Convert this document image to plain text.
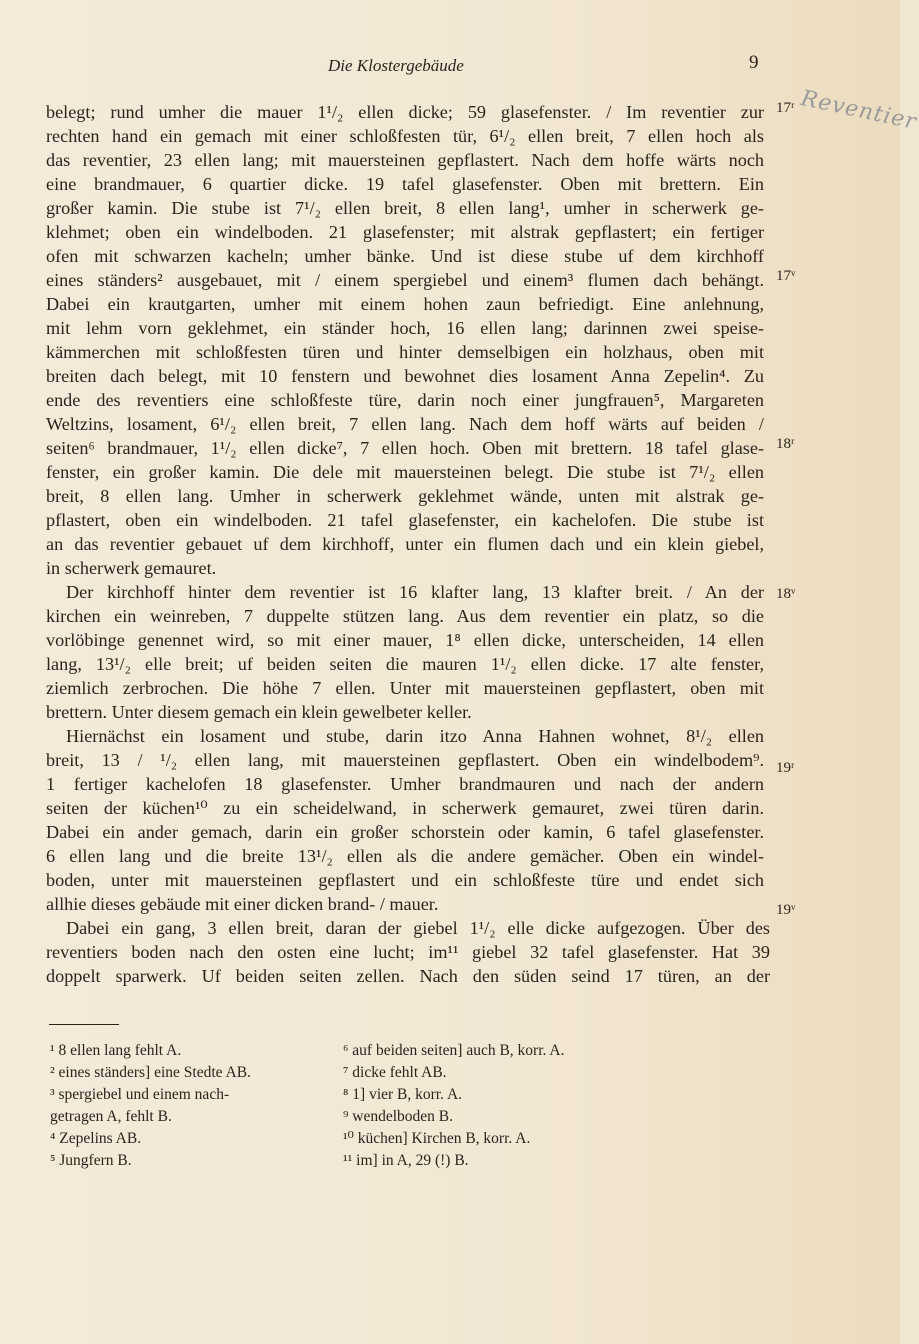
Die Klostergebäude	9
Reventier
belegt; rund umher die mauer 1¹/₂ ellen dicke; 59 glasefenster. / Im reventier zur
rechten hand ein gemach mit einer schloßfesten tür, 6¹/₂ ellen breit, 7 ellen hoch als
das reventier, 23 ellen lang; mit mauersteinen gepflastert. Nach dem hoffe wärts noch
eine brandmauer, 6 quartier dicke. 19 tafel glasefenster. Oben mit brettern. Ein
großer kamin. Die stube ist 7¹/₂ ellen breit, 8 ellen lang¹, umher in scherwerk ge-
klehmet; oben ein windelboden. 21 glasefenster; mit alstrak gepflastert; ein fertiger
ofen mit schwarzen kacheln; umher bänke. Und ist diese stube uf dem kirchhoff
eines ständers² ausgebauet, mit / einem spergiebel und einem³ flumen dach behängt.
Dabei ein krautgarten, umher mit einem hohen zaun befriedigt. Eine anlehnung,
mit lehm vorn geklehmet, ein ständer hoch, 16 ellen lang; darinnen zwei speise-
kämmerchen mit schloßfesten türen und hinter demselbigen ein holzhaus, oben mit
breiten dach belegt, mit 10 fenstern und bewohnet dies losament Anna Zepelin⁴. Zu
ende des reventiers eine schloßfeste türe, darin noch einer jungfrauen⁵, Margareten
Weltzins, losament, 6¹/₂ ellen breit, 7 ellen lang. Nach dem hoff wärts auf beiden /
seiten⁶ brandmauer, 1¹/₂ ellen dicke⁷, 7 ellen hoch. Oben mit brettern. 18 tafel glase-
fenster, ein großer kamin. Die dele mit mauersteinen belegt. Die stube ist 7¹/₂ ellen
breit, 8 ellen lang. Umher in scherwerk geklehmet wände, unten mit alstrak ge-
pflastert, oben ein windelboden. 21 tafel glasefenster, ein kachelofen. Die stube ist
an das reventier gebauet uf dem kirchhoff, unter ein flumen dach und ein klein giebel,
in scherwerk gemauret.
Der kirchhoff hinter dem reventier ist 16 klafter lang, 13 klafter breit. / An der
kirchen ein weinreben, 7 duppelte stützen lang. Aus dem reventier ein platz, so die
vorlöbinge genennet wird, so mit einer mauer, 1⁸ ellen dicke, unterscheiden, 14 ellen
lang, 13¹/₂ elle breit; uf beiden seiten die mauren 1¹/₂ ellen dicke. 17 alte fenster,
ziemlich zerbrochen. Die höhe 7 ellen. Unter mit mauersteinen gepflastert, oben mit
brettern. Unter diesem gemach ein klein gewelbeter keller.
Hiernächst ein losament und stube, darin itzo Anna Hahnen wohnet, 8¹/₂ ellen
breit, 13 / ¹/₂ ellen lang, mit mauersteinen gepflastert. Oben ein windelbodem⁹.
1 fertiger kachelofen 18 glasefenster. Umher brandmauren und nach der andern
seiten der küchen¹⁰ zu ein scheidelwand, in scherwerk gemauret, zwei türen darin.
Dabei ein ander gemach, darin ein großer schorstein oder kamin, 6 tafel glasefenster.
6 ellen lang und die breite 13¹/₂ ellen als die andere gemächer. Oben ein windel-
boden, unter mit mauersteinen gepflastert und ein schloßfeste türe und endet sich
allhie dieses gebäude mit einer dicken brand- / mauer.
Dabei ein gang, 3 ellen breit, daran der giebel 1¹/₂ elle dicke aufgezogen. Über des
reventiers boden nach den osten eine lucht; im¹¹ giebel 32 tafel glasefenster. Hat 39
doppelt sparwerk. Uf beiden seiten zellen. Nach den süden seind 17 türen, an der
17ʳ
17ᵛ
18ʳ
18ᵛ
19ʳ
19ᵛ
¹ 8 ellen lang fehlt A.
² eines ständers] eine Stedte AB.
³ spergiebel und einem nach-
getragen A, fehlt B.
⁴ Zepelins AB.
⁵ Jungfern B.
⁶ auf beiden seiten] auch B, korr. A.
⁷ dicke fehlt AB.
⁸ 1] vier B, korr. A.
⁹ wendelboden B.
¹⁰ küchen] Kirchen B, korr. A.
¹¹ im] in A, 29 (!) B.
